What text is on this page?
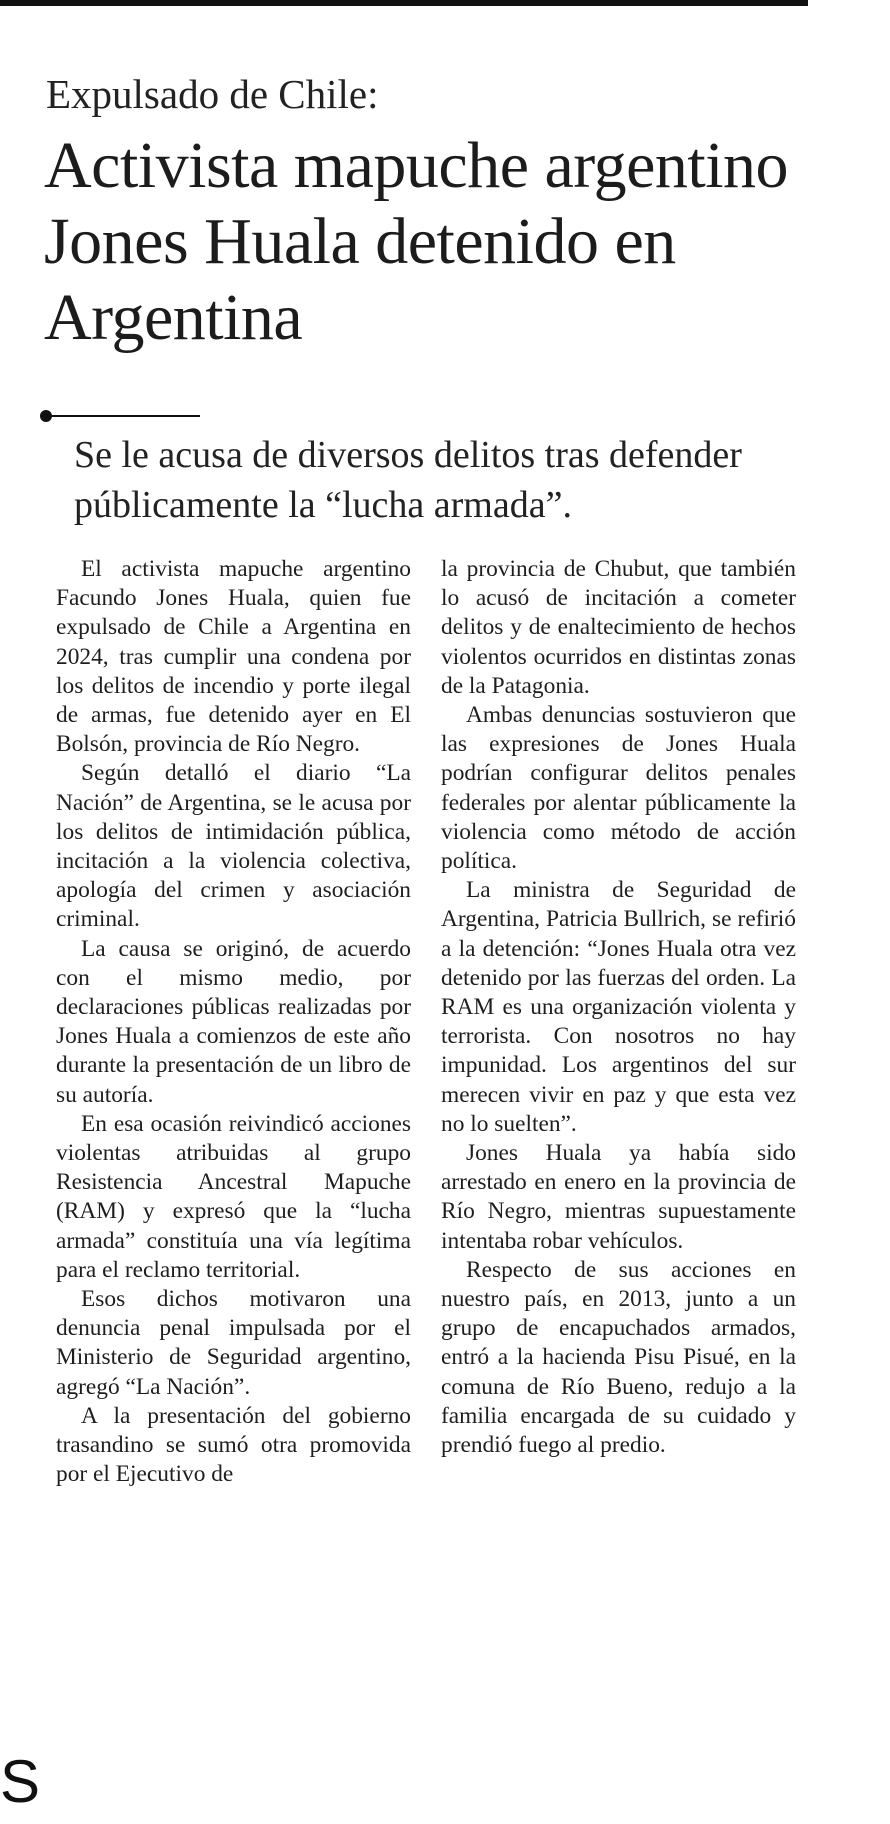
Expulsado de Chile:
Activista mapuche argentino Jones Huala detenido en Argentina

Se le acusa de diversos delitos tras defender públicamente la “lucha armada”.

El activista mapuche argentino Facundo Jones Huala, quien fue expulsado de Chile a Argentina en 2024, tras cumplir una condena por los delitos de incendio y porte ilegal de armas, fue detenido ayer en El Bolsón, provincia de Río Negro.

Según detalló el diario “La Nación” de Argentina, se le acusa por los delitos de intimidación pública, incitación a la violencia colectiva, apología del crimen y asociación criminal.

La causa se originó, de acuerdo con el mismo medio, por declaraciones públicas realizadas por Jones Huala a comienzos de este año durante la presentación de un libro de su autoría.

En esa ocasión reivindicó acciones violentas atribuidas al grupo Resistencia Ancestral Mapuche (RAM) y expresó que la “lucha armada” constituía una vía legítima para el reclamo territorial.

Esos dichos motivaron una denuncia penal impulsada por el Ministerio de Seguridad argentino, agregó “La Nación”.

A la presentación del gobierno trasandino se sumó otra promovida por el Ejecutivo de

la provincia de Chubut, que también lo acusó de incitación a cometer delitos y de enaltecimiento de hechos violentos ocurridos en distintas zonas de la Patagonia.

Ambas denuncias sostuvieron que las expresiones de Jones Huala podrían configurar delitos penales federales por alentar públicamente la violencia como método de acción política.

La ministra de Seguridad de Argentina, Patricia Bullrich, se refirió a la detención: “Jones Huala otra vez detenido por las fuerzas del orden. La RAM es una organización violenta y terrorista. Con nosotros no hay impunidad. Los argentinos del sur merecen vivir en paz y que esta vez no lo suelten”.

Jones Huala ya había sido arrestado en enero en la provincia de Río Negro, mientras supuestamente intentaba robar vehículos.

Respecto de sus acciones en nuestro país, en 2013, junto a un grupo de encapuchados armados, entró a la hacienda Pisu Pisué, en la comuna de Río Bueno, redujo a la familia encargada de su cuidado y prendió fuego al predio.

S
